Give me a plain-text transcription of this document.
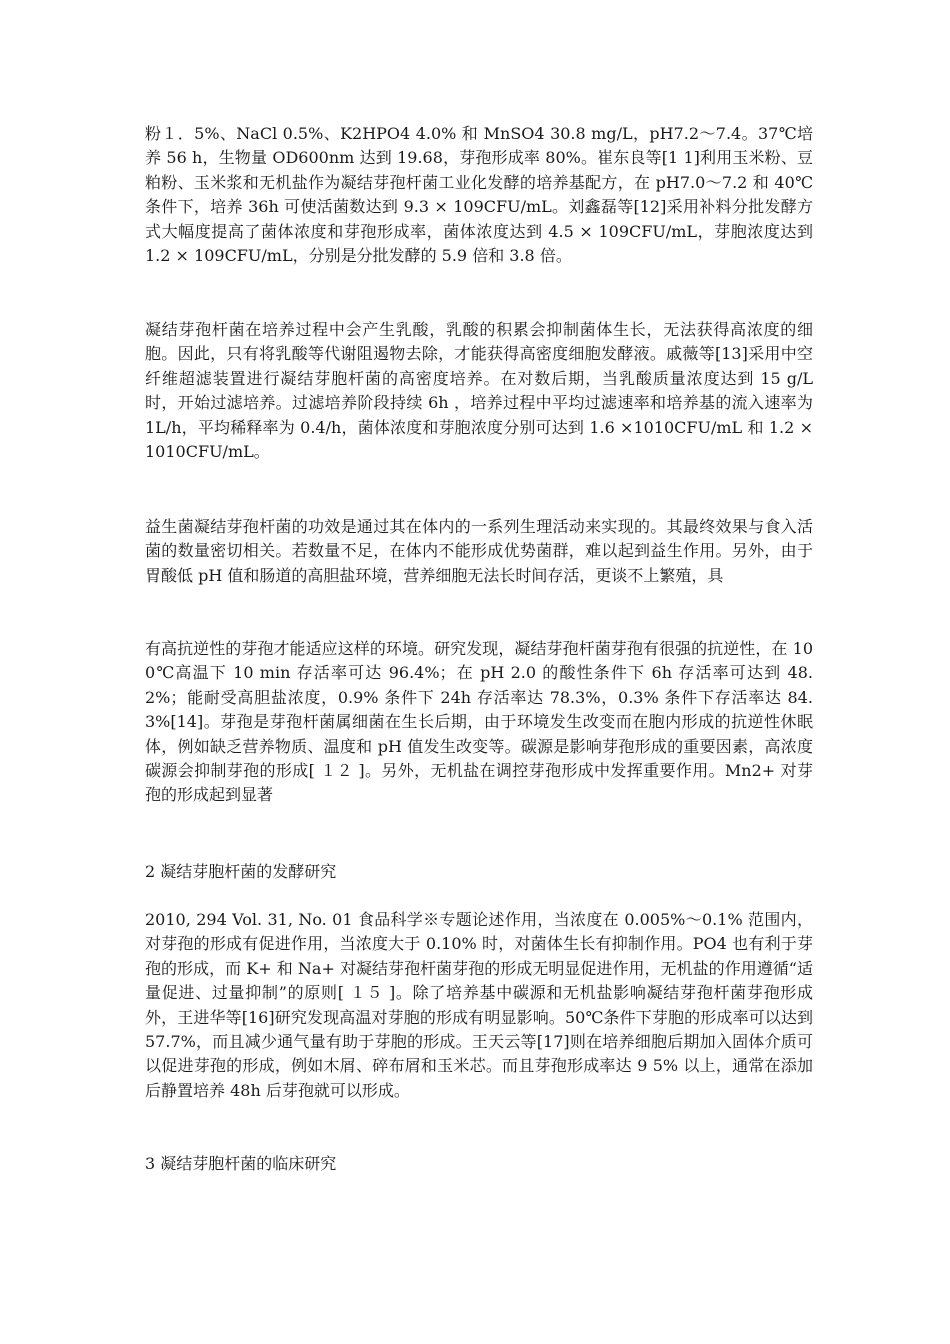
粉１．5%、NaCl 0.5%、K2HPO4 4.0% 和 MnSO4 30.8 mg/L，pH7.2～7.4。37℃培养 56 h，生物量 OD600nm 达到 19.68，芽孢形成率 80%。崔东良等[1 1]利用玉米粉、豆粕粉、玉米浆和无机盐作为凝结芽孢杆菌工业化发酵的培养基配方，在 pH7.0～7.2 和 40℃条件下，培养 36h 可使活菌数达到 9.3 × 109CFU/mL。刘鑫磊等[12]采用补料分批发酵方式大幅度提高了菌体浓度和芽孢形成率，菌体浓度达到 4.5 × 109CFU/mL，芽胞浓度达到 1.2 × 109CFU/mL，分别是分批发酵的 5.9 倍和 3.8 倍。

凝结芽孢杆菌在培养过程中会产生乳酸，乳酸的积累会抑制菌体生长，无法获得高浓度的细胞。因此，只有将乳酸等代谢阻遏物去除，才能获得高密度细胞发酵液。戚薇等[13]采用中空纤维超滤装置进行凝结芽胞杆菌的高密度培养。在对数后期，当乳酸质量浓度达到 15 g/L 时，开始过滤培养。过滤培养阶段持续 6h ，培养过程中平均过滤速率和培养基的流入速率为 1L/h，平均稀释率为 0.4/h，菌体浓度和芽胞浓度分别可达到 1.6 ×1010CFU/mL 和 1.2 × 1010CFU/mL。

益生菌凝结芽孢杆菌的功效是通过其在体内的一系列生理活动来实现的。其最终效果与食入活菌的数量密切相关。若数量不足，在体内不能形成优势菌群，难以起到益生作用。另外，由于胃酸低 pH 值和肠道的高胆盐环境，营养细胞无法长时间存活，更谈不上繁殖，具

有高抗逆性的芽孢才能适应这样的环境。研究发现，凝结芽孢杆菌芽孢有很强的抗逆性，在 100℃高温下 10 min 存活率可达 96.4%；在 pH 2.0 的酸性条件下 6h 存活率可达到 48.2%；能耐受高胆盐浓度，0.9% 条件下 24h 存活率达 78.3%，0.3% 条件下存活率达 84.3%[14]。芽孢是芽孢杆菌属细菌在生长后期，由于环境发生改变而在胞内形成的抗逆性休眠体，例如缺乏营养物质、温度和 pH 值发生改变等。碳源是影响芽孢形成的重要因素，高浓度碳源会抑制芽孢的形成[ １２ ]。另外，无机盐在调控芽孢形成中发挥重要作用。Mn2+ 对芽孢的形成起到显著

2 凝结芽胞杆菌的发酵研究

2010, 294 Vol. 31, No. 01 食品科学※专题论述作用，当浓度在 0.005%～0.1% 范围内，对芽孢的形成有促进作用，当浓度大于 0.10% 时，对菌体生长有抑制作用。PO4 也有利于芽孢的形成，而 K+ 和 Na+ 对凝结芽孢杆菌芽孢的形成无明显促进作用，无机盐的作用遵循“适量促进、过量抑制”的原则[ １５ ]。除了培养基中碳源和无机盐影响凝结芽孢杆菌芽孢形成外，王进华等[16]研究发现高温对芽胞的形成有明显影响。50℃条件下芽胞的形成率可以达到 57.7%，而且减少通气量有助于芽胞的形成。王天云等[17]则在培养细胞后期加入固体介质可以促进芽孢的形成，例如木屑、碎布屑和玉米芯。而且芽孢形成率达 9 5% 以上，通常在添加后静置培养 48h 后芽孢就可以形成。

3 凝结芽胞杆菌的临床研究
